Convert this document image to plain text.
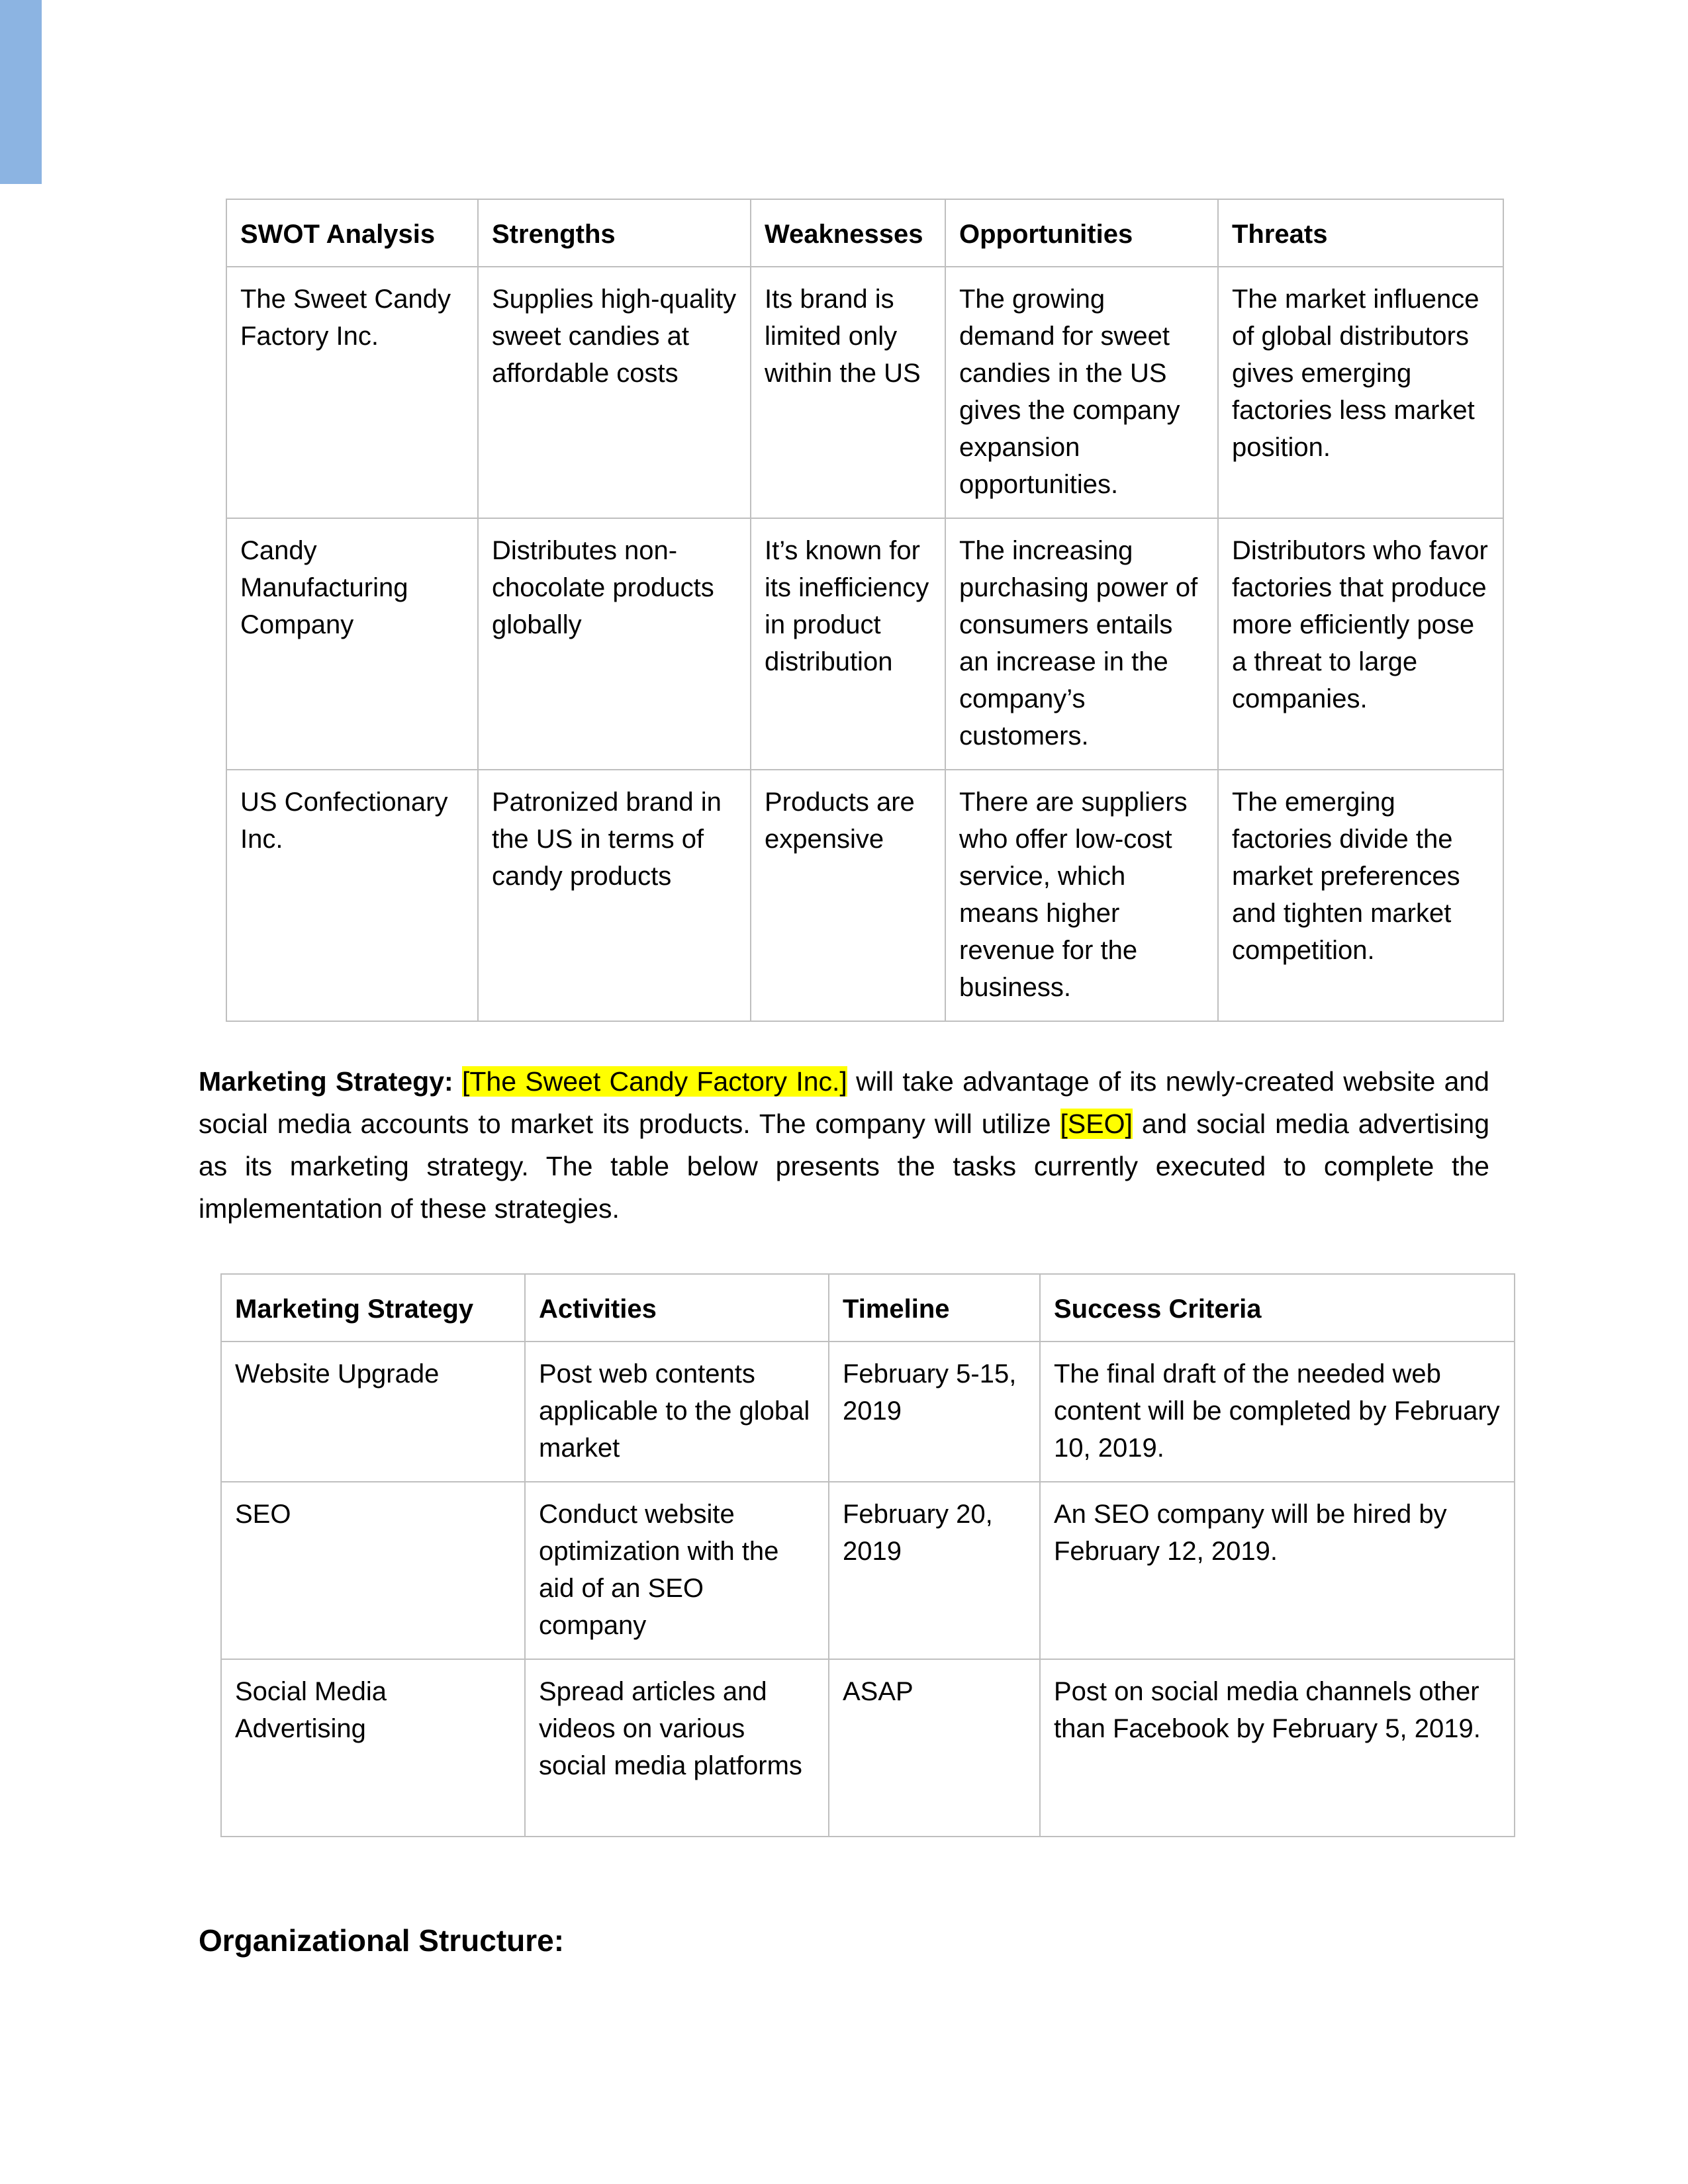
SWOT Analysis	Strengths	Weaknesses	Opportunities	Threats
The Sweet Candy Factory Inc.	Supplies high-quality sweet candies at affordable costs	Its brand is limited only within the US	The growing demand for sweet candies in the US gives the company expansion opportunities.	The market influence of global distributors gives emerging factories less market position.
Candy Manufacturing Company	Distributes non-chocolate products globally	It’s known for its inefficiency in product distribution	The increasing purchasing power of consumers entails an increase in the company’s customers.	Distributors who favor factories that produce more efficiently pose a threat to large companies.
US Confectionary Inc.	Patronized brand in the US in terms of candy products	Products are expensive	There are suppliers who offer low-cost service, which means higher revenue for the business.	The emerging factories divide the market preferences and tighten market competition.

Marketing Strategy: [The Sweet Candy Factory Inc.] will take advantage of its newly-created website and social media accounts to market its products. The company will utilize [SEO] and social media advertising as its marketing strategy. The table below presents the tasks currently executed to complete the implementation of these strategies.

Marketing Strategy	Activities	Timeline	Success Criteria
Website Upgrade	Post web contents applicable to the global market	February 5-15, 2019	The final draft of the needed web content will be completed by February 10, 2019.
SEO	Conduct website optimization with the aid of an SEO company	February 20, 2019	An SEO company will be hired by February 12, 2019.
Social Media Advertising	Spread articles and videos on various social media platforms	ASAP	Post on social media channels other than Facebook by February 5, 2019.
Organizational Structure:
